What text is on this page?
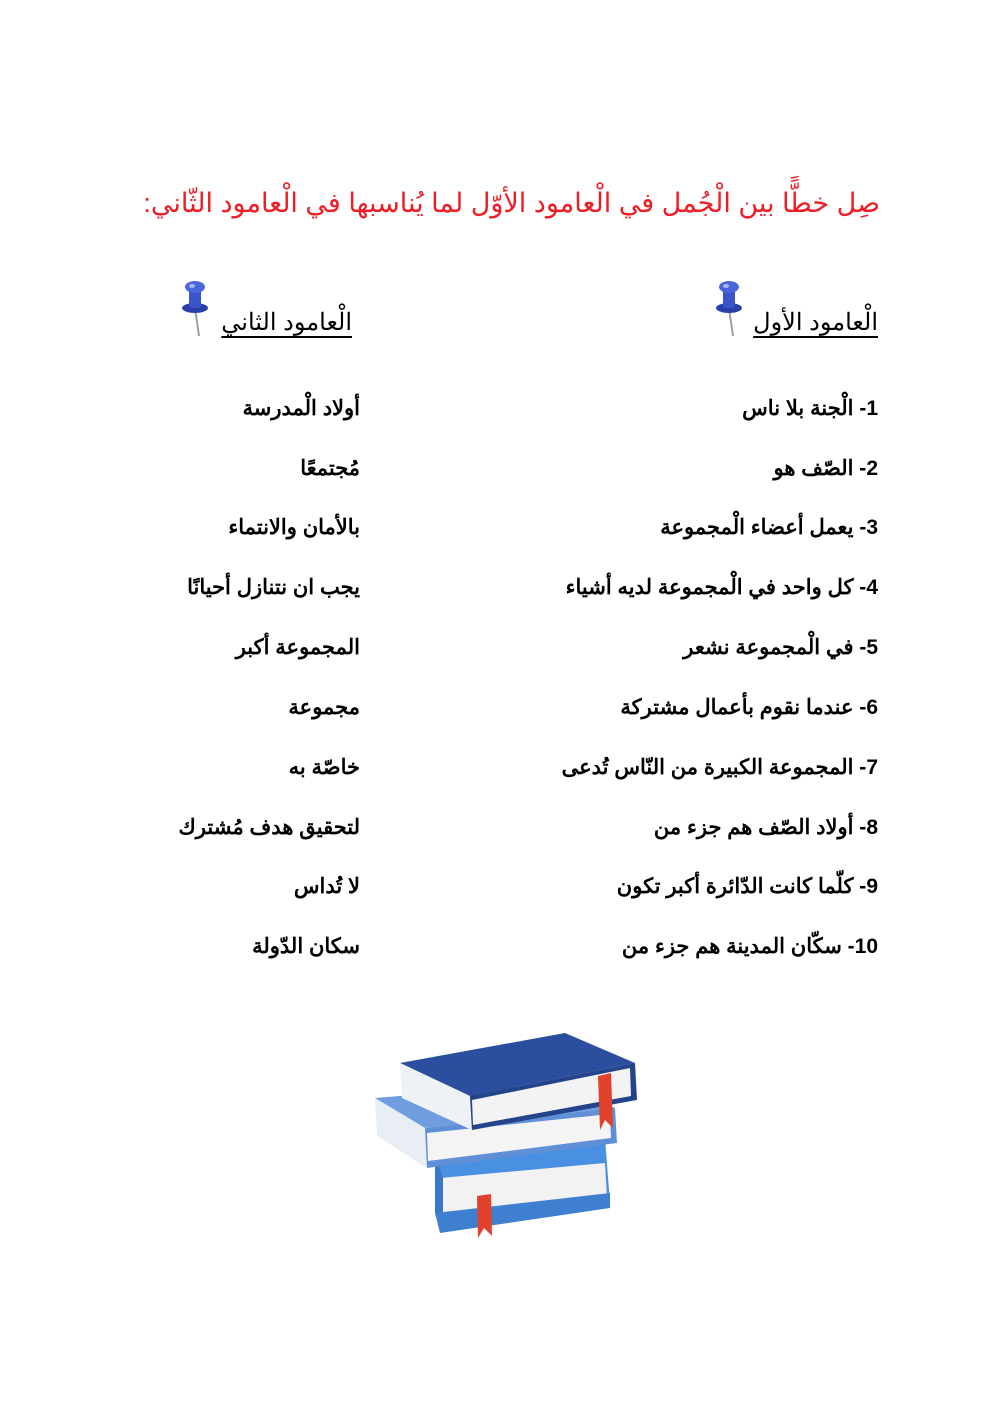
صِل خطًّا بين الْجُمل في الْعامود الأوّل لما يُناسبها في الْعامود الثّاني:
الْعامود الأول
الْعامود الثاني
1- الْجنة بلا ناس
2- الصّف هو
3- يعمل أعضاء الْمجموعة
4- كل واحد في الْمجموعة لديه أشياء
5- في الْمجموعة نشعر
6- عندما نقوم بأعمال مشتركة
7- المجموعة الكبيرة من النّاس تُدعى
8- أولاد الصّف هم جزء من
9- كلّما كانت الدّائرة أكبر تكون
10- سكّان المدينة هم جزء من
أولاد الْمدرسة
مُجتمعًا
بالأمان والانتماء
يجب ان نتنازل أحيانًا
المجموعة أكبر
مجموعة
خاصّة به
لتحقيق هدف مُشترك
لا تُداس
سكان الدّولة
